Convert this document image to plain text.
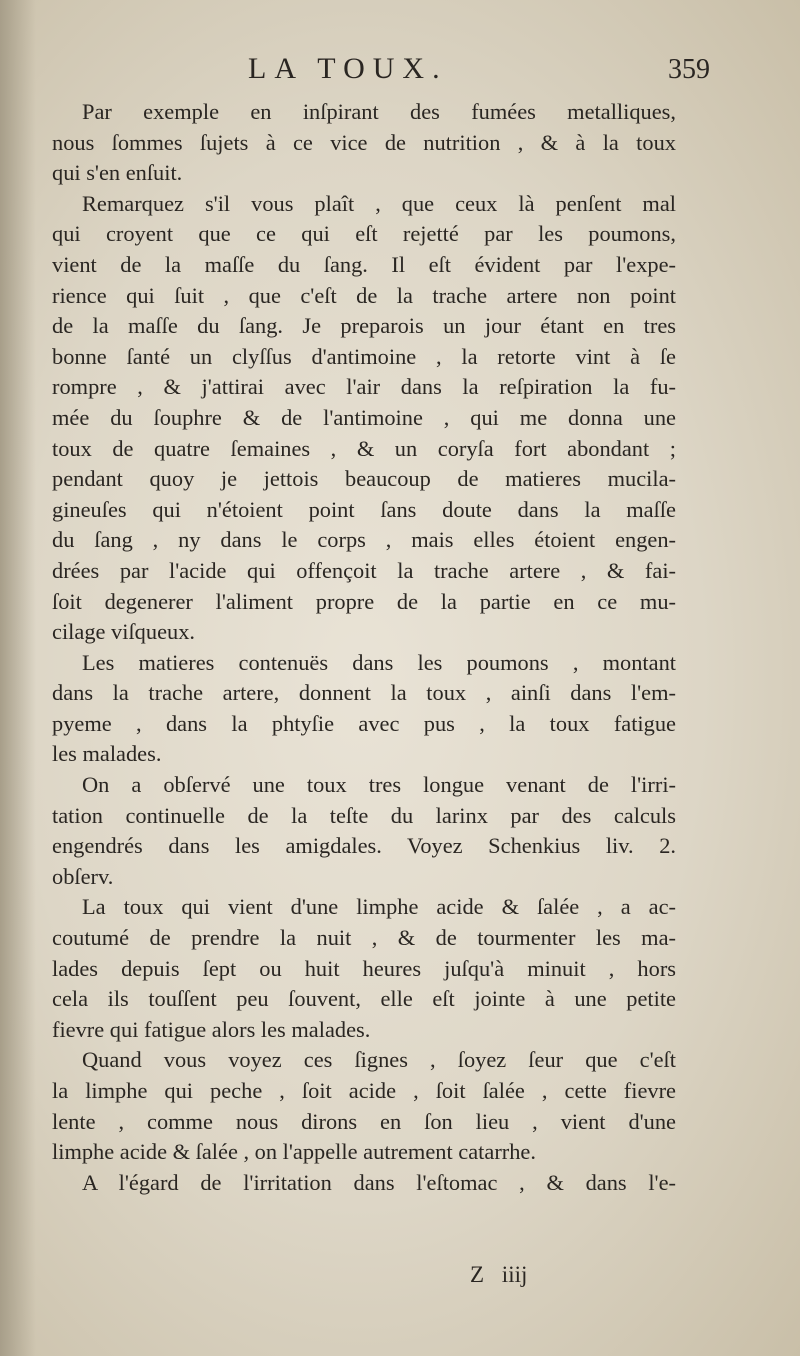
LA TOUX.	359
Par exemple en inſpirant des fumées metalliques,
nous ſommes ſujets à ce vice de nutrition , & à la toux
qui s'en enſuit.
Remarquez s'il vous plaît , que ceux là penſent mal
qui croyent que ce qui eſt rejetté par les poumons,
vient de la maſſe du ſang. Il eſt évident par l'expe-
rience qui ſuit , que c'eſt de la trache artere non point
de la maſſe du ſang. Je preparois un jour étant en tres
bonne ſanté un clyſſus d'antimoine , la retorte vint à ſe
rompre , & j'attirai avec l'air dans la reſpiration la fu-
mée du ſouphre & de l'antimoine , qui me donna une
toux de quatre ſemaines , & un coryſa fort abondant ;
pendant quoy je jettois beaucoup de matieres mucila-
gineuſes qui n'étoient point ſans doute dans la maſſe
du ſang , ny dans le corps , mais elles étoient engen-
drées par l'acide qui offençoit la trache artere , & fai-
ſoit degenerer l'aliment propre de la partie en ce mu-
cilage viſqueux.
Les matieres contenuës dans les poumons , montant
dans la trache artere, donnent la toux , ainſi dans l'em-
pyeme , dans la phtyſie avec pus , la toux fatigue
les malades.
On a obſervé une toux tres longue venant de l'irri-
tation continuelle de la teſte du larinx par des calculs
engendrés dans les amigdales. Voyez Schenkius liv. 2.
obſerv.
La toux qui vient d'une limphe acide & ſalée , a ac-
coutumé de prendre la nuit , & de tourmenter les ma-
lades depuis ſept ou huit heures juſqu'à minuit , hors
cela ils touſſent peu ſouvent, elle eſt jointe à une petite
fievre qui fatigue alors les malades.
Quand vous voyez ces ſignes , ſoyez ſeur que c'eſt
la limphe qui peche , ſoit acide , ſoit ſalée , cette fievre
lente , comme nous dirons en ſon lieu , vient d'une
limphe acide & ſalée , on l'appelle autrement catarrhe.
A l'égard de l'irritation dans l'eſtomac , & dans l'e-
Z iiij
